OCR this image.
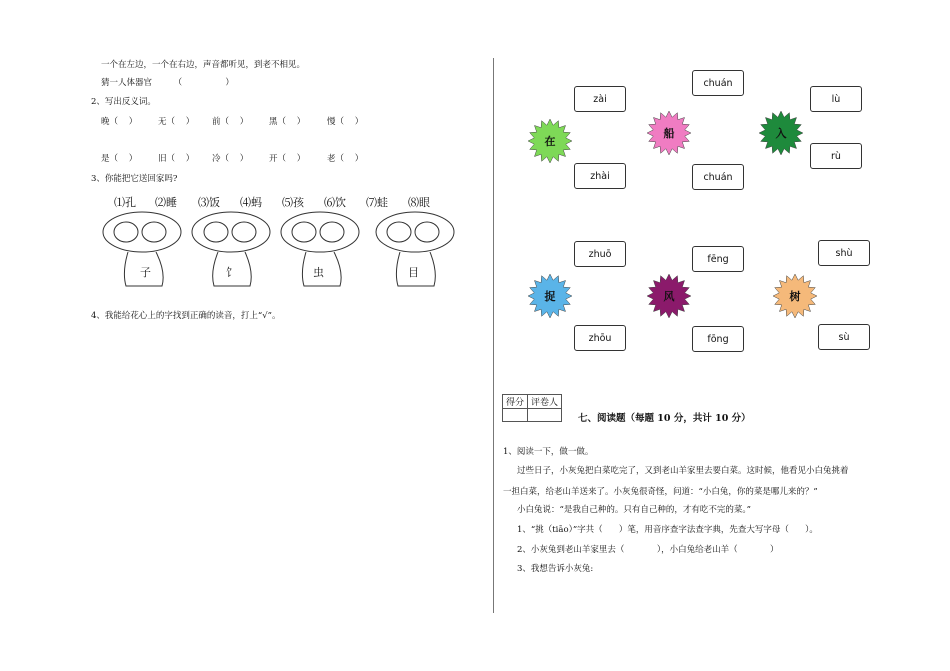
一个在左边，一个在右边，声音都听见，到老不相见。
猜一人体器官        （                ）
2、写出反义词。
晚（    ） 无（    ） 前（    ） 黑（    ）	慢（    ）
是（    ） 旧（    ） 冷（    ） 开（    ）	老（    ）
3、你能把它送回家吗?
⑴孔 ⑵睡 ⑶饭 ⑷蚂 ⑸孩 ⑹饮 ⑺蛙 ⑻眼
子	饣	虫	目
4、我能给花心上的字找到正确的读音，打上“√”。
zài
chuán
lù
zhài	chuán
rù
在
船	入
zhuō	fēng
shù
zhōu	fōng	sù
捉	风	树
得分	评卷人

七、阅读题（每题 10 分，共计 10 分）
1、阅读一下，做一做。
过些日子，小灰兔把白菜吃完了，又到老山羊家里去要白菜。这时候，他看见小白兔挑着
一担白菜，给老山羊送来了。小灰兔很奇怪，问道：“小白兔，你的菜是哪儿来的？”
小白兔说：“是我自己种的。只有自己种的，才有吃不完的菜。”
1、“挑（tiāo）”字共（      ）笔，用音序查字法查字典，先查大写字母（      ）。
2、小灰兔到老山羊家里去（            ），小白兔给老山羊（            ）
3、我想告诉小灰兔:
